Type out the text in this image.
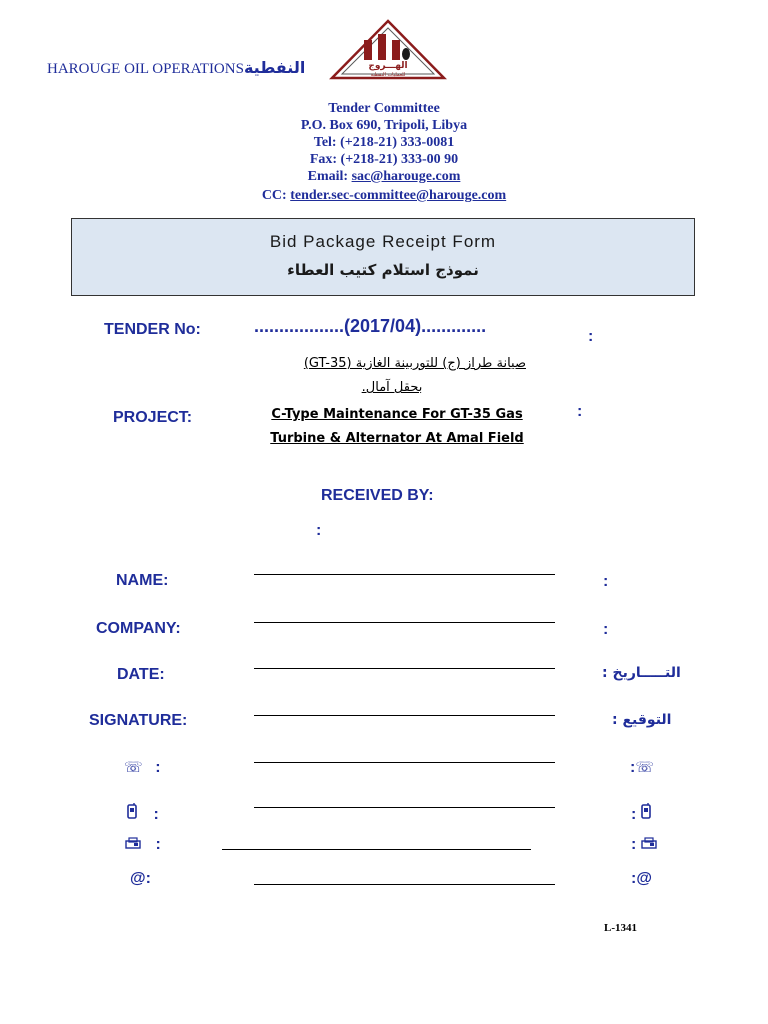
HAROUGE OIL OPERATIONSالنفطية	الهـــروج
للعمليات النفطية
Tender Committee
P.O. Box 690, Tripoli, Libya
Tel: (+218-21) 333-0081
Fax: (+218-21) 333-00 90
Email: sac@harouge.com
CC: tender.sec-committee@harouge.com
Bid Package Receipt Form
نموذج استلام كتيب العطاء
TENDER No:	..................(2017/04).............
:
صيانة طراز (ج) للتوربينة الغازية (GT-35)
بحقل آمال.
PROJECT:	C-Type Maintenance For GT-35 Gas
Turbine & Alternator At Amal Field
:
RECEIVED BY:
:
NAME:	:
COMPANY:	:
DATE:	التـــــاريخ :
SIGNATURE:	التوقيع :
☏ :	:☏
:	:
:	:
@:	:@
L-1341
